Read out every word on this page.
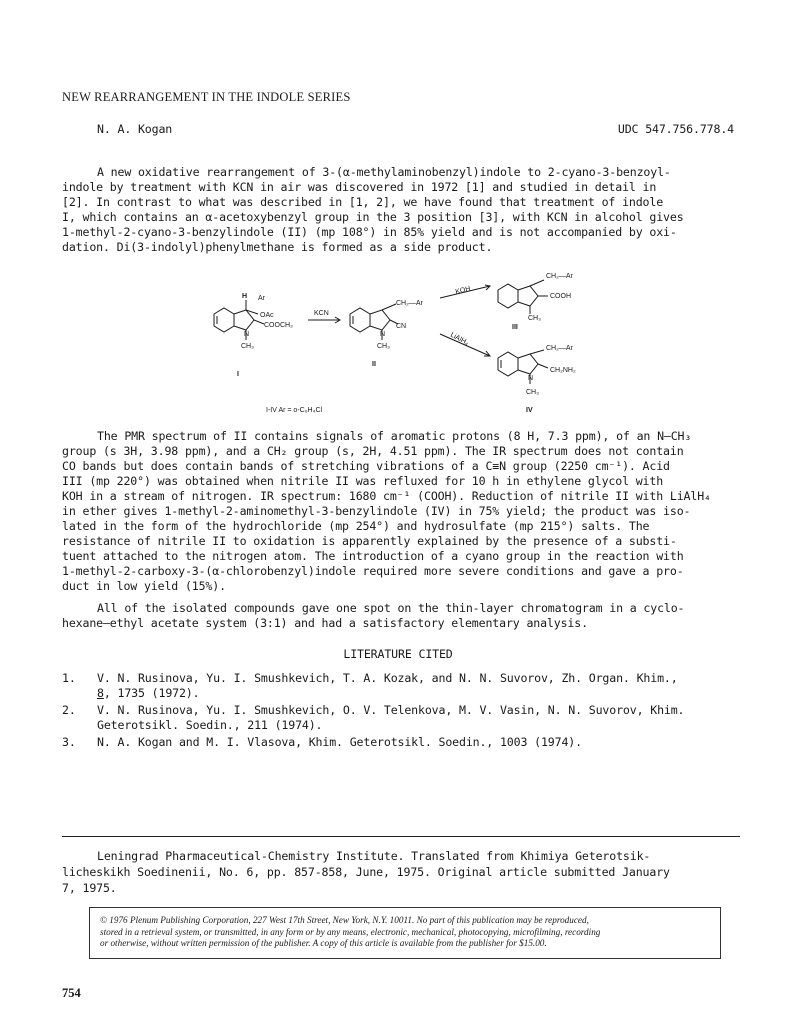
NEW REARRANGEMENT IN THE INDOLE SERIES
N. A. Kogan	UDC 547.756.778.4
A new oxidative rearrangement of 3-(α-methylaminobenzyl)indole to 2-cyano-3-benzoyl-
indole by treatment with KCN in air was discovered in 1972 [1] and studied in detail in
[2]. In contrast to what was described in [1, 2], we have found that treatment of indole
I, which contains an α-acetoxybenzyl group in the 3 position [3], with KCN in alcohol gives
1-methyl-2-cyano-3-benzylindole (II) (mp 108°) in 85% yield and is not accompanied by oxi-
dation. Di(3-indolyl)phenylmethane is formed as a side product.
H Ar
OAc
COOCH₃
N
CH₃
I
KCN
CH₂—Ar
CN
N
CH₃
II
KOH
LiAlH₄
CH₂—Ar
COOH
CH₃
III
CH₂—Ar
CH₂NH₂
N
CH₃
IV
I-IV Ar = o-C₆H₄Cl
The PMR spectrum of II contains signals of aromatic protons (8 H, 7.3 ppm), of an N—CH₃
group (s 3H, 3.98 ppm), and a CH₂ group (s, 2H, 4.51 ppm). The IR spectrum does not contain
CO bands but does contain bands of stretching vibrations of a C≡N group (2250 cm⁻¹). Acid
III (mp 220°) was obtained when nitrile II was refluxed for 10 h in ethylene glycol with
KOH in a stream of nitrogen. IR spectrum: 1680 cm⁻¹ (COOH). Reduction of nitrile II with LiAlH₄
in ether gives 1-methyl-2-aminomethyl-3-benzylindole (IV) in 75% yield; the product was iso-
lated in the form of the hydrochloride (mp 254°) and hydrosulfate (mp 215°) salts. The
resistance of nitrile II to oxidation is apparently explained by the presence of a substi-
tuent attached to the nitrogen atom. The introduction of a cyano group in the reaction with
1-methyl-2-carboxy-3-(α-chlorobenzyl)indole required more severe conditions and gave a pro-
duct in low yield (15%).
All of the isolated compounds gave one spot on the thin-layer chromatogram in a cyclo-
hexane—ethyl acetate system (3:1) and had a satisfactory elementary analysis.
LITERATURE CITED
1.	V. N. Rusinova, Yu. I. Smushkevich, T. A. Kozak, and N. N. Suvorov, Zh. Organ. Khim.,
8, 1735 (1972).
2.	V. N. Rusinova, Yu. I. Smushkevich, O. V. Telenkova, M. V. Vasin, N. N. Suvorov, Khim.
Geterotsikl. Soedin., 211 (1974).
3.	N. A. Kogan and M. I. Vlasova, Khim. Geterotsikl. Soedin., 1003 (1974).
Leningrad Pharmaceutical-Chemistry Institute. Translated from Khimiya Geterotsik-
licheskikh Soedinenii, No. 6, pp. 857-858, June, 1975. Original article submitted January
7, 1975.
© 1976 Plenum Publishing Corporation, 227 West 17th Street, New York, N.Y. 10011. No part of this publication may be reproduced,
stored in a retrieval system, or transmitted, in any form or by any means, electronic, mechanical, photocopying, microfilming, recording
or otherwise, without written permission of the publisher. A copy of this article is available from the publisher for $15.00.
754
